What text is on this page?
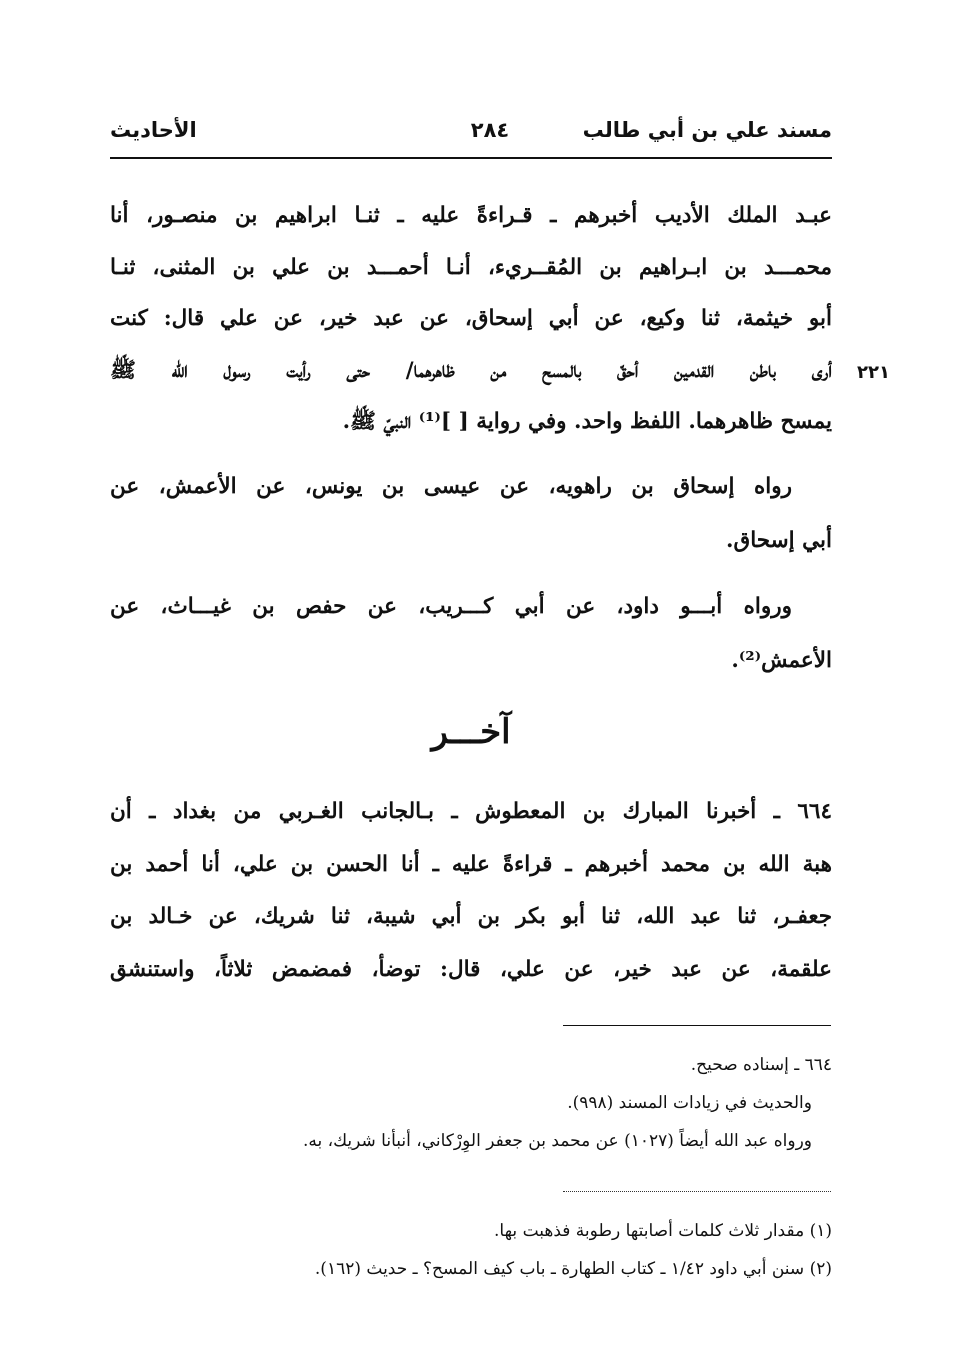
مسند علي بن أبي طالب
٢٨٤
الأحاديث
٢٢١
عبـد الملك الأديب أخبرهم ـ قـراءةً عليه ـ ثنـا ابراهيم بن منصـور، أنا
محمـــد بن ابـراهيم بن المُقــريء، أنـا أحمـــد بن علي بن المثنى، ثنـا
أبو خيثمة، ثنا وكيع، عن أبي إسحاق، عن عبد خير، عن علي قال: كنت
أرى باطن القدمين أحقّ بالمسح من ظاهرهما/ حتى رأيت رسول الله ﷺ
يمسح ظاهرهما. اللفظ واحد. وفي رواية [ ]⁽¹⁾ النبيّ ﷺ.
رواه إسحاق بن راهويه، عن عيسى بن يونس، عن الأعمش، عن
أبي إسحاق.
ورواه أبـــو داود، عن أبي كـــريب، عن حفص بن غيـــاث، عن
الأعمش⁽²⁾.
آخـــر
٦٦٤ ـ أخبرنا المبارك بن المعطوش ـ بـالجانب الغـربي من بغداد ـ أن
هبة الله بن محمد أخبرهم ـ قراءةً عليه ـ أنا الحسن بن علي، أنا أحمد بن
جعفـر، ثنا عبد الله، ثنا أبو بكر بن أبي شيبة، ثنا شريك، عن خـالد بن
علقمة، عن عبد خير، عن علي، قال: توضأ، فمضمض ثلاثاً، واستنشق
٦٦٤ ـ إسناده صحيح.
والحديث في زيادات المسند (٩٩٨).
ورواه عبد الله أيضاً (١٠٢٧) عن محمد بن جعفر الوِرْكاني، أنبأنا شريك، به.
(١) مقدار ثلاث كلمات أصابتها رطوبة فذهبت بها.
(٢) سنن أبي داود ١/٤٢ ـ كتاب الطهارة ـ باب كيف المسح؟ ـ حديث (١٦٢).
